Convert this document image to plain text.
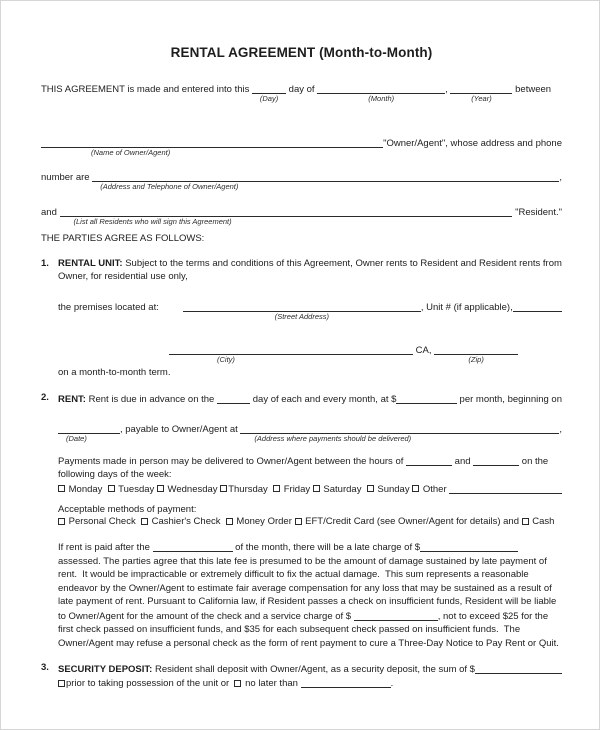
RENTAL AGREEMENT (Month-to-Month)
THIS AGREEMENT is made and entered into this
(Day)
day of
(Month)
,
(Year)
between
(Name of Owner/Agent)
"Owner/Agent", whose address and phone
number are
(Address and Telephone of Owner/Agent)
,
and
(List all Residents who will sign this Agreement)
"Resident."
THE PARTIES AGREE AS FOLLOWS:
1. RENTAL UNIT: Subject to the terms and conditions of this Agreement, Owner rents to Resident and Resident rents from Owner, for residential use only,
the premises located at:
(Street Address)
, Unit # (if applicable),
(City)
CA,
(Zip)
on a month-to-month term.
2. RENT: Rent is due in advance on the	day of each and every month, at $	per month, beginning on
(Date)
, payable to Owner/Agent at
(Address where payments should be delivered)
,
Payments made in person may be delivered to Owner/Agent between the hours of	and	on the following days of the week:
Monday Tuesday Wednesday Thursday Friday Saturday Sunday Other
Acceptable methods of payment:
Personal Check Cashier's Check Money Order EFT/Credit Card (see Owner/Agent for details) and Cash
If rent is paid after the	of the month, there will be a late charge of $	assessed. The parties agree that this late fee is presumed to be the amount of damage sustained by late payment of rent.  It would be impracticable or extremely difficult to fix the actual damage.  This sum represents a reasonable endeavor by the Owner/Agent to estimate fair average compensation for any loss that may be sustained as a result of late payment of rent. Pursuant to California law, if Resident passes a check on insufficient funds, Resident will be liable to Owner/Agent for the amount of the check and a service charge of $	, not to exceed $25 for the first check passed on insufficient funds, and $35 for each subsequent check passed on insufficient funds.  The Owner/Agent may refuse a personal check as the form of rent payment to cure a Three-Day Notice to Pay Rent or Quit.
3. SECURITY DEPOSIT: Resident shall deposit with Owner/Agent, as a security deposit, the sum of $
prior to taking possession of the unit or no later than	.
